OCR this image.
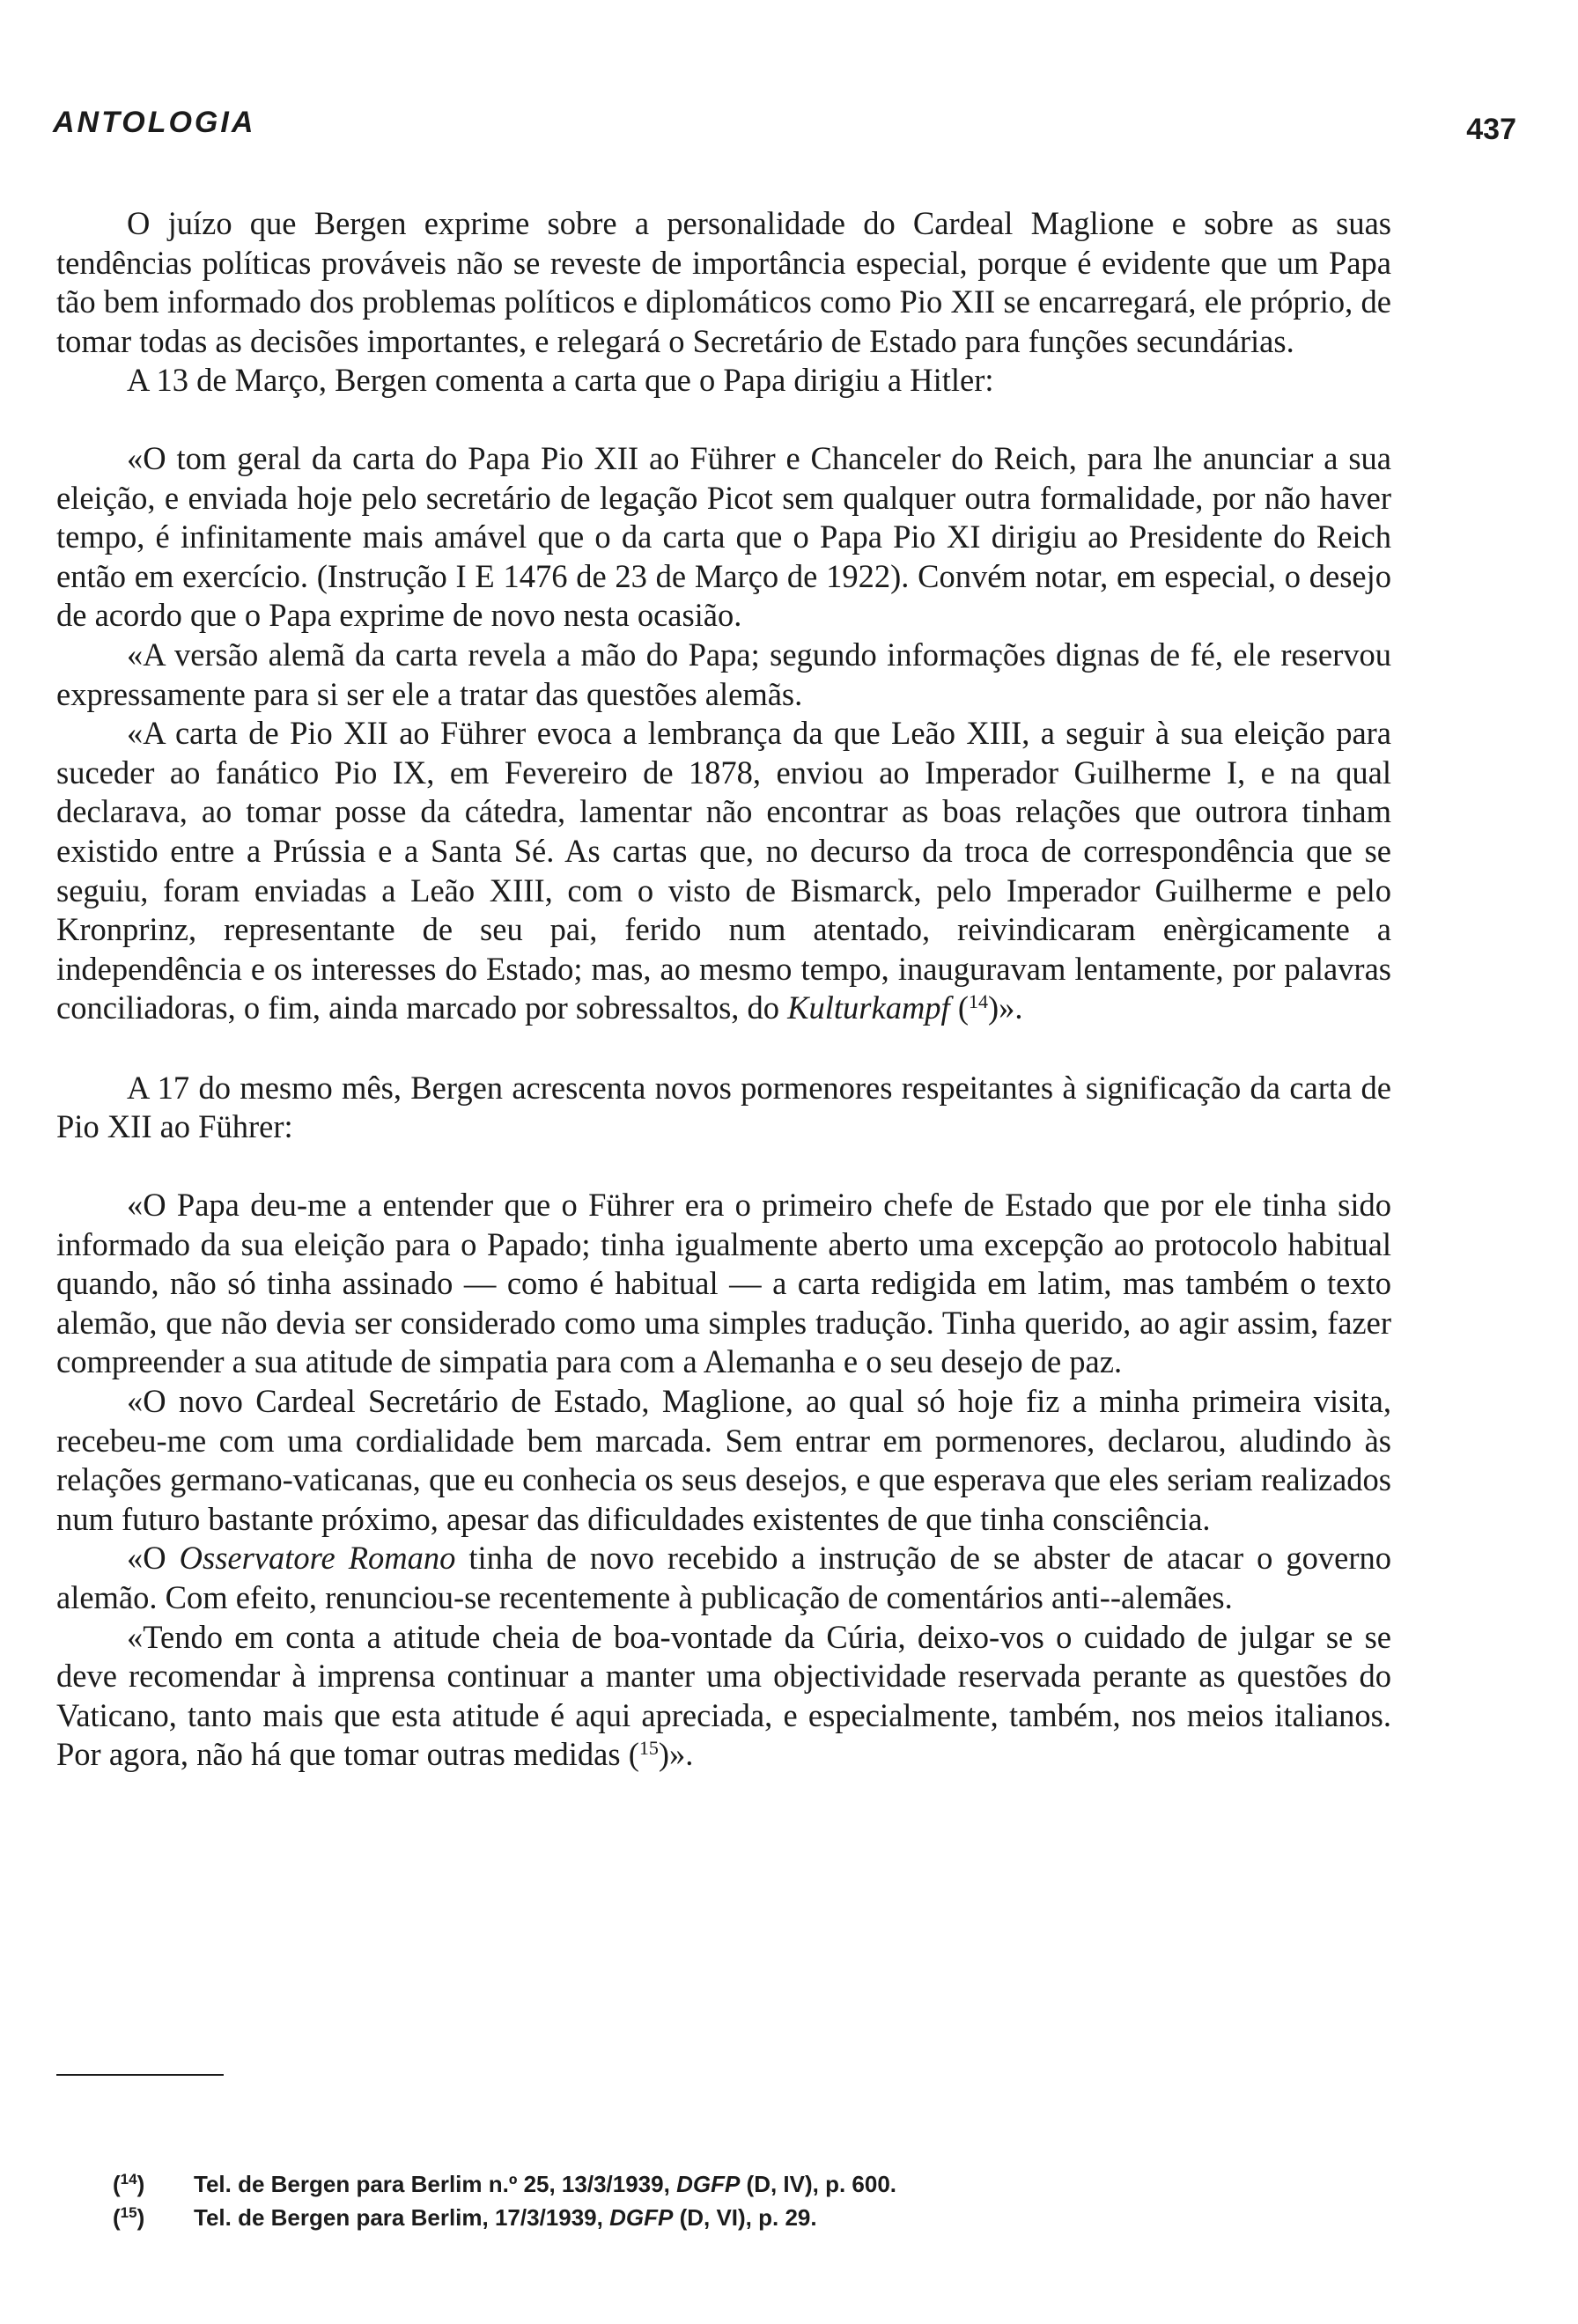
ANTOLOGIA	437

O juízo que Bergen exprime sobre a personalidade do Cardeal Maglione e sobre as suas tendências políticas prováveis não se reveste de importância especial, porque é evidente que um Papa tão bem informado dos problemas políticos e diplomáticos como Pio XII se encarregará, ele próprio, de tomar todas as decisões importantes, e relegará o Secretário de Estado para funções secundárias.

A 13 de Março, Bergen comenta a carta que o Papa dirigiu a Hitler:

«O tom geral da carta do Papa Pio XII ao Führer e Chanceler do Reich, para lhe anunciar a sua eleição, e enviada hoje pelo secretário de legação Picot sem qualquer outra formalidade, por não haver tempo, é infinitamente mais amável que o da carta que o Papa Pio XI dirigiu ao Presidente do Reich então em exercício. (Instrução I E 1476 de 23 de Março de 1922). Convém notar, em especial, o desejo de acordo que o Papa exprime de novo nesta ocasião.

«A versão alemã da carta revela a mão do Papa; segundo informações dignas de fé, ele reservou expressamente para si ser ele a tratar das questões alemãs.

«A carta de Pio XII ao Führer evoca a lembrança da que Leão XIII, a seguir à sua eleição para suceder ao fanático Pio IX, em Fevereiro de 1878, enviou ao Imperador Guilherme I, e na qual declarava, ao tomar posse da cátedra, lamentar não encontrar as boas relações que outrora tinham existido entre a Prússia e a Santa Sé. As cartas que, no decurso da troca de correspondência que se seguiu, foram enviadas a Leão XIII, com o visto de Bismarck, pelo Imperador Guilherme e pelo Kronprinz, representante de seu pai, ferido num atentado, reivindicaram enèrgicamente a independência e os interesses do Estado; mas, ao mesmo tempo, inauguravam lentamente, por palavras conciliadoras, o fim, ainda marcado por sobressaltos, do Kulturkampf ($^{14}$)».

A 17 do mesmo mês, Bergen acrescenta novos pormenores respeitantes à significação da carta de Pio XII ao Führer:

«O Papa deu-me a entender que o Führer era o primeiro chefe de Estado que por ele tinha sido informado da sua eleição para o Papado; tinha igualmente aberto uma excepção ao protocolo habitual quando, não só tinha assinado — como é habitual — a carta redigida em latim, mas também o texto alemão, que não devia ser considerado como uma simples tradução. Tinha querido, ao agir assim, fazer compreender a sua atitude de simpatia para com a Alemanha e o seu desejo de paz.

«O novo Cardeal Secretário de Estado, Maglione, ao qual só hoje fiz a minha primeira visita, recebeu-me com uma cordialidade bem marcada. Sem entrar em pormenores, declarou, aludindo às relações germano-vaticanas, que eu conhecia os seus desejos, e que esperava que eles seriam realizados num futuro bastante próximo, apesar das dificuldades existentes de que tinha consciência.

«O Osservatore Romano tinha de novo recebido a instrução de se abster de atacar o governo alemão. Com efeito, renunciou-se recentemente à publicação de comentários anti--alemães.

«Tendo em conta a atitude cheia de boa-vontade da Cúria, deixo-vos o cuidado de julgar se se deve recomendar à imprensa continuar a manter uma objectividade reservada perante as questões do Vaticano, tanto mais que esta atitude é aqui apreciada, e especialmente, também, nos meios italianos. Por agora, não há que tomar outras medidas ($^{15}$)».

($^{14}$) Tel. de Bergen para Berlim n.º 25, 13/3/1939, DGFP (D, IV), p. 600.
($^{15}$) Tel. de Bergen para Berlim, 17/3/1939, DGFP (D, VI), p. 29.
